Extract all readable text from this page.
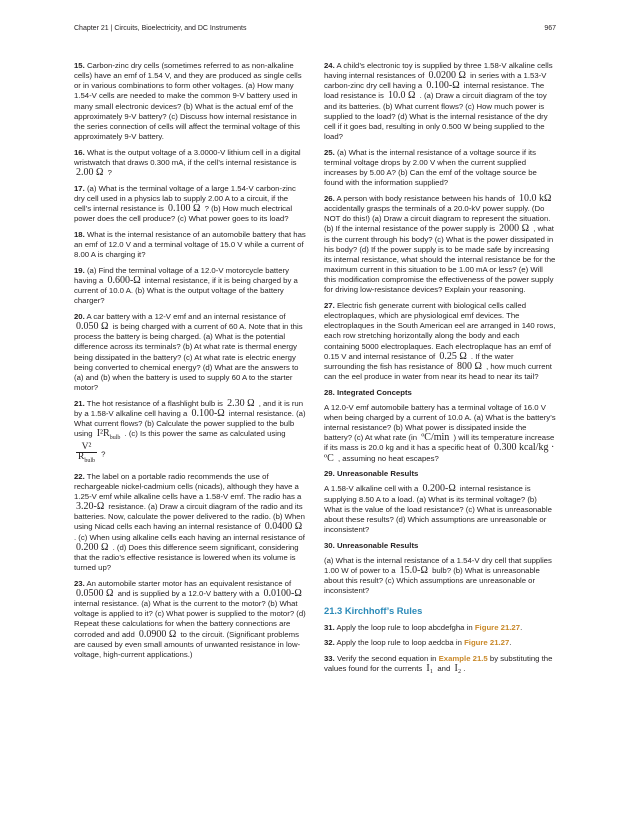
Chapter 21 | Circuits, Bioelectricity, and DC Instruments	967

15. Carbon-zinc dry cells (sometimes referred to as non-alkaline cells) have an emf of 1.54 V, and they are produced as single cells or in various combinations to form other voltages. (a) How many 1.54-V cells are needed to make the common 9-V battery used in many small electronic devices? (b) What is the actual emf of the approximately 9-V battery? (c) Discuss how internal resistance in the series connection of cells will affect the terminal voltage of this approximately 9-V battery.

16. What is the output voltage of a 3.0000-V lithium cell in a digital wristwatch that draws 0.300 mA, if the cell’s internal resistance is 2.00 Ω ?

17. (a) What is the terminal voltage of a large 1.54-V carbon-zinc dry cell used in a physics lab to supply 2.00 A to a circuit, if the cell’s internal resistance is 0.100 Ω ? (b) How much electrical power does the cell produce? (c) What power goes to its load?

18. What is the internal resistance of an automobile battery that has an emf of 12.0 V and a terminal voltage of 15.0 V while a current of 8.00 A is charging it?

19. (a) Find the terminal voltage of a 12.0-V motorcycle battery having a 0.600-Ω internal resistance, if it is being charged by a current of 10.0 A. (b) What is the output voltage of the battery charger?

20. A car battery with a 12-V emf and an internal resistance of 0.050 Ω is being charged with a current of 60 A. Note that in this process the battery is being charged. (a) What is the potential difference across its terminals? (b) At what rate is thermal energy being dissipated in the battery? (c) At what rate is electric energy being converted to chemical energy? (d) What are the answers to (a) and (b) when the battery is used to supply 60 A to the starter motor?

21. The hot resistance of a flashlight bulb is 2.30 Ω , and it is run by a 1.58-V alkaline cell having a 0.100-Ω internal resistance. (a) What current flows? (b) Calculate the power supplied to the bulb using $I^2R_{bulb}$ . (c) Is this power the same as calculated using
$\frac{\text{V²}}{R_{bulb}}$ ?

22. The label on a portable radio recommends the use of rechargeable nickel-cadmium cells (nicads), although they have a 1.25-V emf while alkaline cells have a 1.58-V emf. The radio has a 3.20-Ω resistance. (a) Draw a circuit diagram of the radio and its batteries. Now, calculate the power delivered to the radio. (b) When using Nicad cells each having an internal resistance of 0.0400 Ω . (c) When using alkaline cells each having an internal resistance of 0.200 Ω . (d) Does this difference seem significant, considering that the radio’s effective resistance is lowered when its volume is turned up?

23. An automobile starter motor has an equivalent resistance of 0.0500 Ω and is supplied by a 12.0-V battery with a 0.0100-Ω internal resistance. (a) What is the current to the motor? (b) What voltage is applied to it? (c) What power is supplied to the motor? (d) Repeat these calculations for when the battery connections are corroded and add 0.0900 Ω to the circuit. (Significant problems are caused by even small amounts of unwanted resistance in low-voltage, high-current applications.)

24. A child’s electronic toy is supplied by three 1.58-V alkaline cells having internal resistances of 0.0200 Ω in series with a 1.53-V carbon-zinc dry cell having a 0.100-Ω internal resistance. The load resistance is 10.0 Ω . (a) Draw a circuit diagram of the toy and its batteries. (b) What current flows? (c) How much power is supplied to the load? (d) What is the internal resistance of the dry cell if it goes bad, resulting in only 0.500 W being supplied to the load?

25. (a) What is the internal resistance of a voltage source if its terminal voltage drops by 2.00 V when the current supplied increases by 5.00 A? (b) Can the emf of the voltage source be found with the information supplied?

26. A person with body resistance between his hands of 10.0 kΩ accidentally grasps the terminals of a 20.0-kV power supply. (Do NOT do this!) (a) Draw a circuit diagram to represent the situation. (b) If the internal resistance of the power supply is 2000 Ω , what is the current through his body? (c) What is the power dissipated in his body? (d) If the power supply is to be made safe by increasing its internal resistance, what should the internal resistance be for the maximum current in this situation to be 1.00 mA or less? (e) Will this modification compromise the effectiveness of the power supply for driving low-resistance devices? Explain your reasoning.

27. Electric fish generate current with biological cells called electroplaques, which are physiological emf devices. The electroplaques in the South American eel are arranged in 140 rows, each row stretching horizontally along the body and each containing 5000 electroplaques. Each electroplaque has an emf of 0.15 V and internal resistance of 0.25 Ω . If the water surrounding the fish has resistance of 800 Ω , how much current can the eel produce in water from near its head to near its tail?

28. Integrated Concepts

A 12.0-V emf automobile battery has a terminal voltage of 16.0 V when being charged by a current of 10.0 A. (a) What is the battery’s internal resistance? (b) What power is dissipated inside the battery? (c) At what rate (in ºC/min ) will its temperature increase if its mass is 20.0 kg and it has a specific heat of 0.300 kcal/kg · ºC , assuming no heat escapes?

29. Unreasonable Results

A 1.58-V alkaline cell with a 0.200-Ω internal resistance is supplying 8.50 A to a load. (a) What is its terminal voltage? (b) What is the value of the load resistance? (c) What is unreasonable about these results? (d) Which assumptions are unreasonable or inconsistent?

30. Unreasonable Results

(a) What is the internal resistance of a 1.54-V dry cell that supplies 1.00 W of power to a 15.0-Ω bulb? (b) What is unreasonable about this result? (c) Which assumptions are unreasonable or inconsistent?

21.3 Kirchhoff’s Rules

31. Apply the loop rule to loop abcdefgha in Figure 21.27.

32. Apply the loop rule to loop aedcba in Figure 21.27.

33. Verify the second equation in Example 21.5 by substituting the values found for the currents I₁ and I₂ .
